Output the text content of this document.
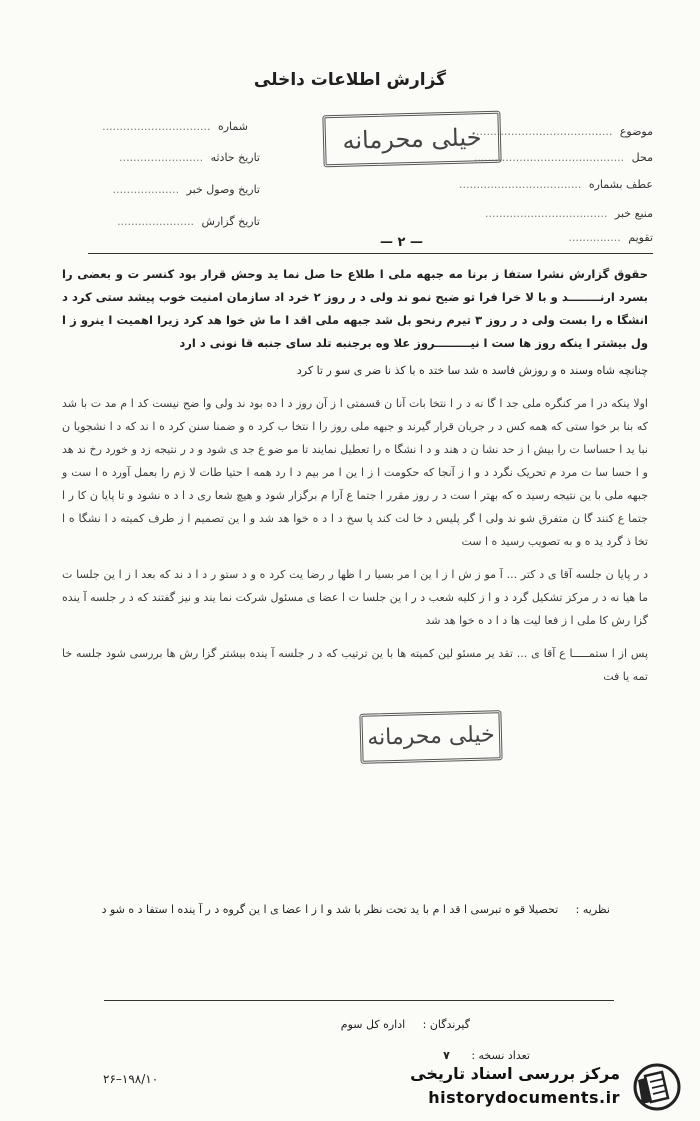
گزارش اطلاعات داخلی
شماره ...............................
تاریخ حادثه ........................
تاریخ وصول خبر ...................
تاریخ گزارش ......................
موضوع .......................................
محل ...........................................
عطف بشماره ...................................
منبع خبر ...................................
تقویم ...............
خیلی محرمانه
— ۲ —

حقوق گزارش نشرا ستفا ز برنا مه جبهه ملی ا طلاع حا صل نما ید وحش قرار بود کنسر ت و بعضی را بسرد ارنــــــــد و با لا خرا فرا تو ضیح نمو ند ولی د ر روز ۲ خرد اد سازمان امنیت خوب پیشد ستی کرد د انشگا ه را بست ولی د ر روز ۳ تیرم رنحو بل شد جبهه ملی اقد ا ما ش خوا هد کرد زیرا اهمیت ا ینرو ز ا ول بیشتر ا ینکه روز ها ست ا نیـــــــــروز علا وه برجنبه تلد سای جنبه قا نونی د ارد

چنانچه شاه وسند ه و روزش فاسد ه شد سا ختد ه با کذ نا ضر ی سو ر تا کرد

اولا ینکه در ا مر کنگره ملی جد ا گا نه د ر ا نتخا بات آنا ن قسمتی ا ز آن روز د ا ده بود ند ولی وا ضح نیست کد ا م مد ت با شد که بنا بر خوا ستی که همه کس د ر جریان قرار گیرند و جبهه ملی روز را ا نتخا ب کرد ه و ضمنا سنن کرد ه ا ند که د ا نشجویا ن نبا ید ا حساسا ت را بیش ا ز حد نشا ن د هند و د ا نشگا ه را تعطیل نمایند تا مو ضو ع جد ی شود و د ر نتیجه زد و خورد رخ ند هد و ا حسا سا ت مرد م تحریک نگرد د و ا ز آنجا که حکومت ا ز ا ین ا مر بیم د ا رد همه ا حتیا طات لا زم را بعمل آورد ه ا ست و جبهه ملی با ین نتیجه رسید ه که بهتر ا ست د ر روز مقرر ا جتما ع آرا م برگزار شود و هیچ شعا ری د ا د ه نشود و تا پایا ن کا ر ا جتما ع کنند گا ن متفرق شو ند ولی ا گر پلیس د خا لت کند پا سخ د ا د ه خوا هد شد و ا ین تصمیم ا ز طرف کمیته د ا نشگا ه ا تخا ذ گرد ید ه و به تصویب رسید ه ا ست

د ر پایا ن جلسه آقا ی د کتر ... آ مو ز ش ا ز ا ین ا مر بسیا ر ا ظها ر رضا یت کرد ه و د ستو ر د ا د ند که بعد ا ز ا ین جلسا ت ما هیا نه د ر مرکز تشکیل گرد د و ا ز کلیه شعب د ر ا ین جلسا ت ا عضا ی مسئول شرکت نما یند و نیز گفتند که د ر جلسه آ ینده گزا رش کا ملی ا ز فعا لیت ها د ا د ه خوا هد شد

پس از ا ستمـــــا ع آقا ی ... تقد یر مسئو لین کمیته ها با ین ترتیب که د ر جلسه آ ینده بیشتر گزا رش ها بررسی شود جلسه خا تمه یا فت

خیلی محرمانه
نظریه : تحصیلا قو ه تبرسی ا قد ا م با ید تحت نظر با شد و ا ز ا عضا ی ا ین گروه د ر آ ینده ا ستفا د ه شو د
گیرندگان : اداره کل سوم
تعداد نسخه : ۷
۲۶–۱۹۸/۱۰	مرکز بررسی اسناد تاریخی
historydocuments.ir
